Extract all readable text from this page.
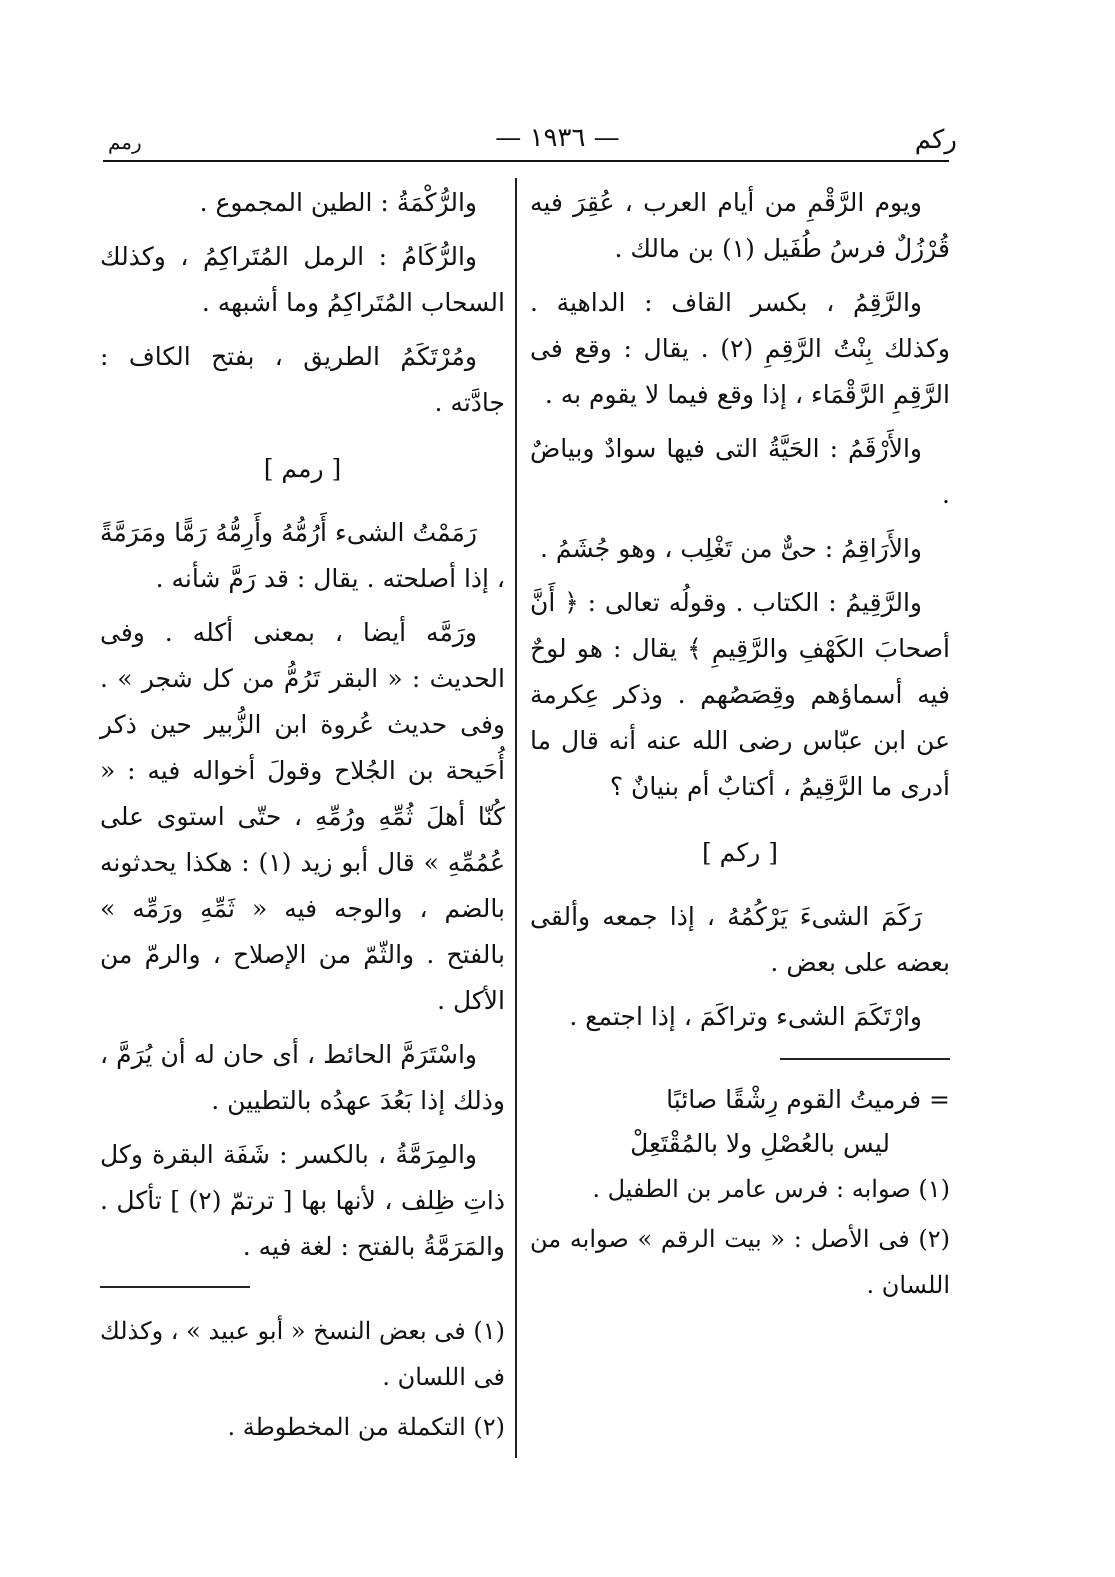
ركم
— ١٩٣٦ —
رمم

ويوم الرَّقْمِ من أيام العرب ، عُقِرَ فيه قُرْزُلٌ فرسُ طُفَيل (١) بن مالك .

والرَّقِمُ ، بكسر القاف : الداهية . وكذلك بِنْتُ الرَّقِمِ (٢) . يقال : وقع فى الرَّقِمِ الرَّقْمَاء ، إذا وقع فيما لا يقوم به .

والأَرْقَمُ : الحَيَّةُ التى فيها سوادٌ وبياضٌ .

والأَرَاقِمُ : حىٌّ من تَغْلِب ، وهو جُشَمُ .

والرَّقِيمُ : الكتاب . وقولُه تعالى : ﴿ أَنَّ أصحابَ الكَهْفِ والرَّقِيمِ ﴾ يقال : هو لوحٌ فيه أسماؤهم وقِصَصُهم . وذكر عِكرمة عن ابن عبّاس رضى الله عنه أنه قال ما أدرى ما الرَّقِيمُ ، أكتابٌ أم بنيانٌ ؟

[ ركم ]

رَكَمَ الشىءَ يَرْكُمُهُ ، إذا جمعه وألقى بعضه على بعض .

وارْتَكَمَ الشىء وتراكَمَ ، إذا اجتمع .

= فرميتُ القوم رِشْقًا صائبًا

ليس بالعُصْلِ ولا بالمُقْتَعِلْ

(١) صوابه : فرس عامر بن الطفيل .

(٢) فى الأصل : « بيت الرقم » صوابه من اللسان .

والرُّكْمَةُ : الطين المجموع .

والرُّكَامُ : الرمل المُتَراكِمُ ، وكذلك السحاب المُتَراكِمُ وما أشبهه .

ومُرْتَكَمُ الطريق ، بفتح الكاف : جادَّته .

[ رمم ]

رَمَمْتُ الشىء أَرُمُّهُ وأَرِمُّهُ رَمًّا ومَرَمَّةً ، إذا أصلحته . يقال : قد رَمَّ شأنه .

ورَمَّه أيضا ، بمعنى أكله . وفى الحديث : « البقر تَرُمُّ من كل شجر » . وفى حديث عُروة ابن الزُّبير حين ذكر أُحَيحة بن الجُلاح وقولَ أخواله فيه : « كُنّا أهلَ ثُمِّهِ ورُمِّهِ ، حتّى استوى على عُمُمِّهِ » قال أبو زيد (١) : هكذا يحدثونه بالضم ، والوجه فيه « ثَمِّهِ ورَمِّه » بالفتح . والثّمّ من الإصلاح ، والرمّ من الأكل .

واسْتَرَمَّ الحائط ، أى حان له أن يُرَمَّ ، وذلك إذا بَعُدَ عهدُه بالتطيين .

والمِرَمَّةُ ، بالكسر : شَفَة البقرة وكل ذاتِ ظِلف ، لأنها بها [ ترتمّ (٢) ] تأكل . والمَرَمَّةُ بالفتح : لغة فيه .

(١) فى بعض النسخ « أبو عبيد » ، وكذلك فى اللسان .

(٢) التكملة من المخطوطة .
